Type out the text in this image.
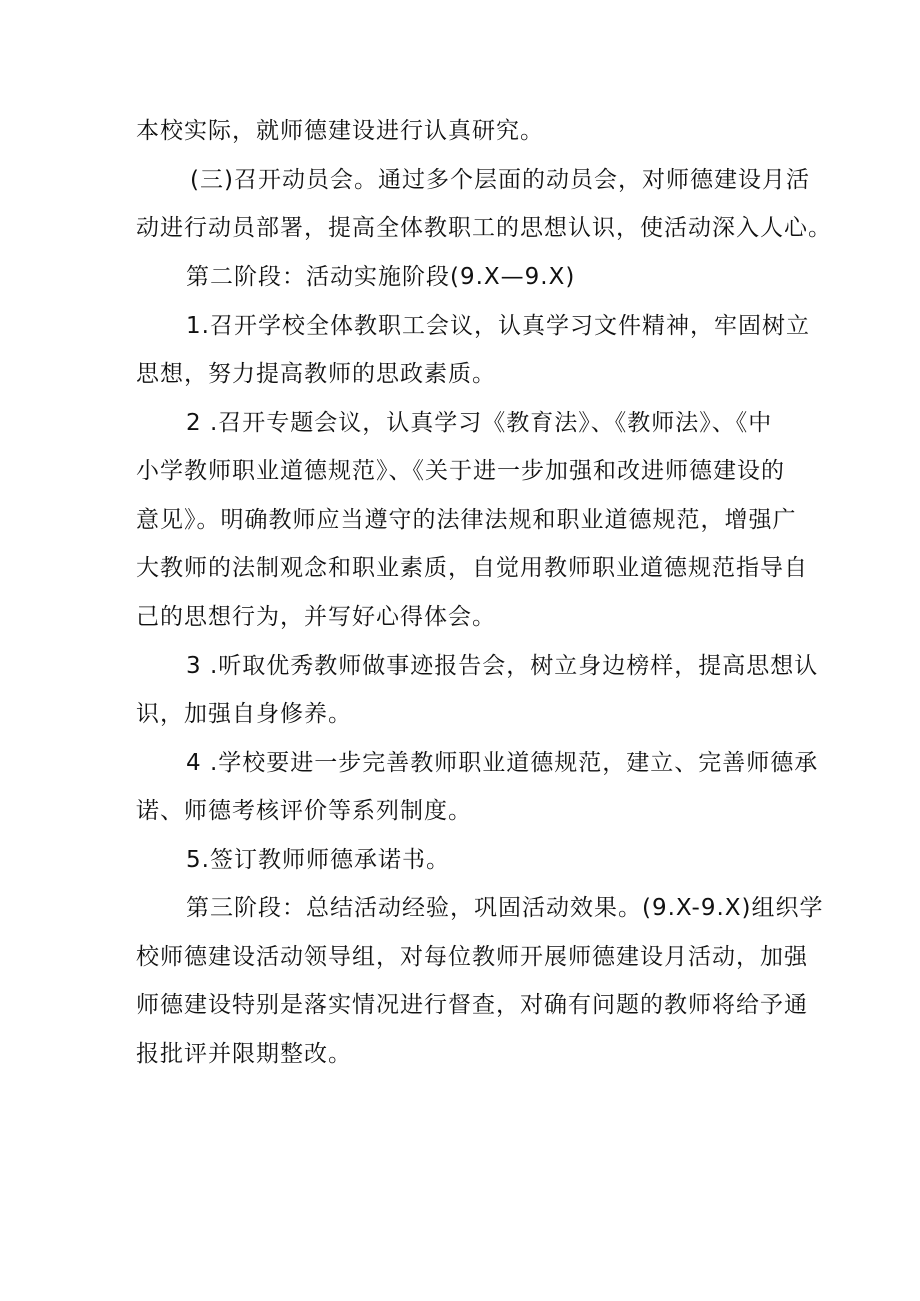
本校实际，就师德建设进行认真研究。
(三)召开动员会。通过多个层面的动员会，对师德建设月活
动进行动员部署，提高全体教职工的思想认识，使活动深入人心。
第二阶段：活动实施阶段(9.X—9.X)
1.召开学校全体教职工会议，认真学习文件精神，牢固树立
思想，努力提高教师的思政素质。
2 .召开专题会议，认真学习《教育法》、《教师法》、《中
小学教师职业道德规范》、《关于进一步加强和改进师德建设的
意见》。明确教师应当遵守的法律法规和职业道德规范，增强广
大教师的法制观念和职业素质，自觉用教师职业道德规范指导自
己的思想行为，并写好心得体会。
3 .听取优秀教师做事迹报告会，树立身边榜样，提高思想认
识，加强自身修养。
4 .学校要进一步完善教师职业道德规范，建立、完善师德承
诺、师德考核评价等系列制度。
5.签订教师师德承诺书。
第三阶段：总结活动经验，巩固活动效果。(9.X-9.X)组织学
校师德建设活动领导组，对每位教师开展师德建设月活动，加强
师德建设特别是落实情况进行督查，对确有问题的教师将给予通
报批评并限期整改。
